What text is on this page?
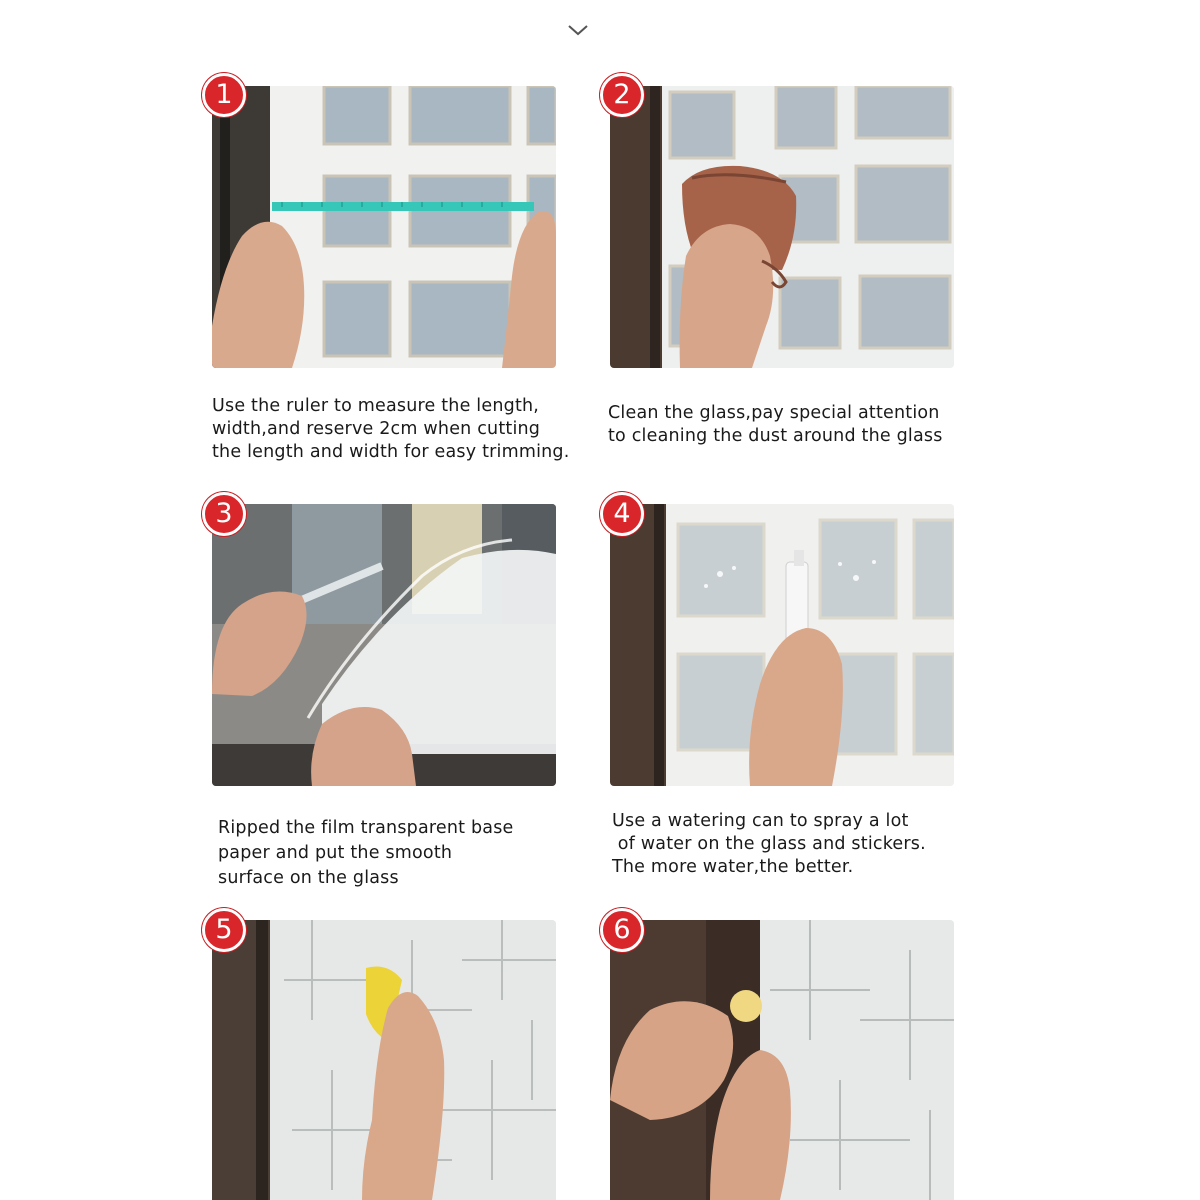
1
Use the ruler to measure the length,
width,and reserve 2cm when cutting
the length and width for easy trimming.
2
Clean the glass,pay special attention
to cleaning the dust around the glass
3
Ripped the film transparent base
paper and put the smooth
surface on the glass
4
Use a watering can to spray a lot
of water on the glass and stickers.
The more water,the better.
5	6
